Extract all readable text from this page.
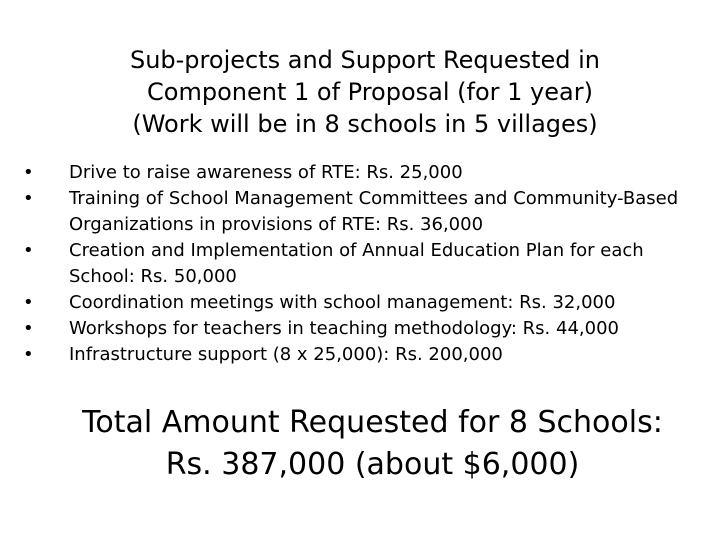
Sub-projects and Support Requested in
Component 1 of Proposal (for 1 year)
(Work will be in 8 schools in 5 villages)
• Drive to raise awareness of RTE: Rs. 25,000
• Training of School Management Committees and Community-Based Organizations in provisions of RTE: Rs. 36,000
• Creation and Implementation of Annual Education Plan for each School: Rs. 50,000
• Coordination meetings with school management: Rs. 32,000
• Workshops for teachers in teaching methodology: Rs. 44,000
• Infrastructure support (8 x 25,000): Rs. 200,000
Total Amount Requested for 8 Schools:
Rs. 387,000 (about $6,000)
